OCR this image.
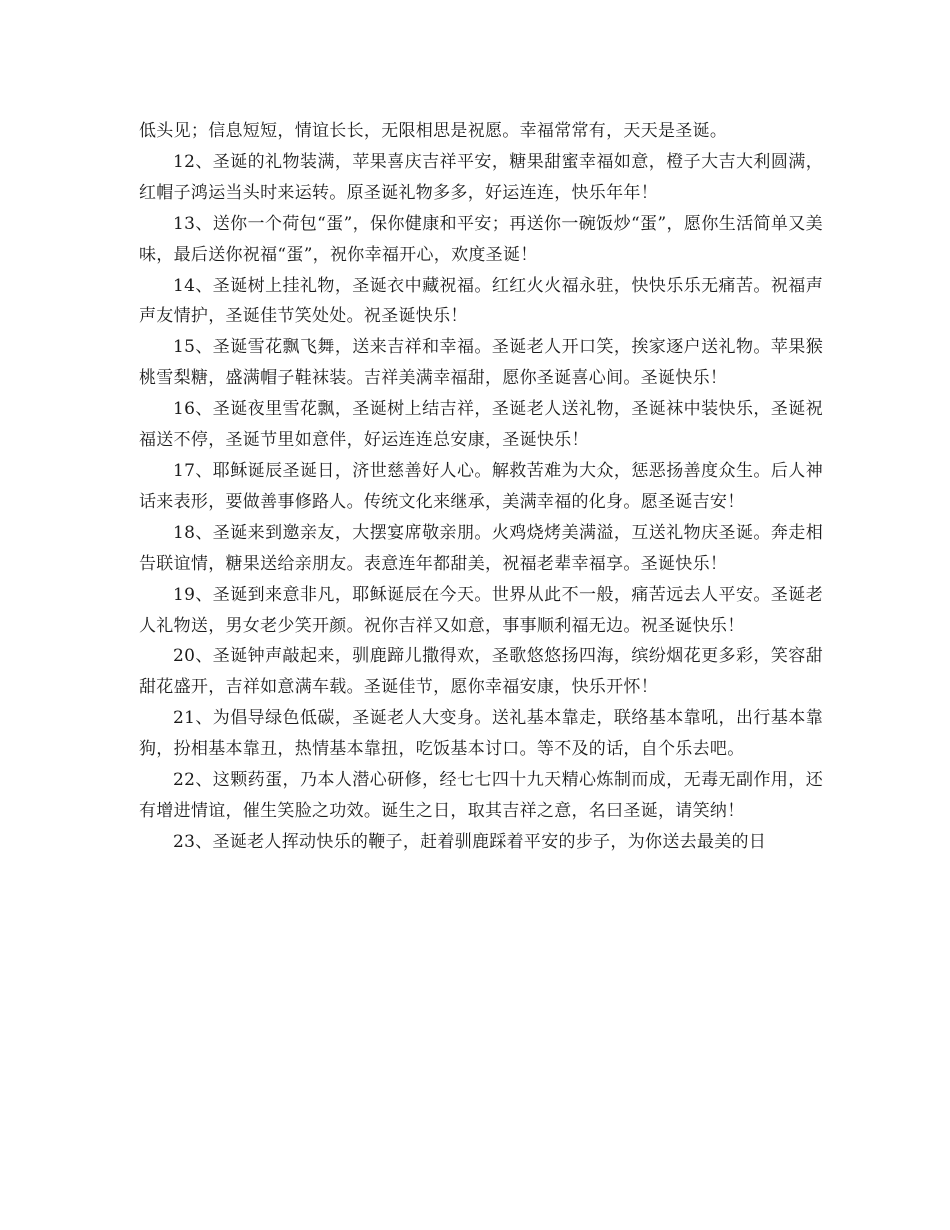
低头见；信息短短，情谊长长，无限相思是祝愿。幸福常常有，天天是圣诞。

12、圣诞的礼物装满，苹果喜庆吉祥平安，糖果甜蜜幸福如意，橙子大吉大利圆满，红帽子鸿运当头时来运转。原圣诞礼物多多，好运连连，快乐年年！

13、送你一个荷包“蛋”，保你健康和平安；再送你一碗饭炒“蛋”，愿你生活简单又美味，最后送你祝福“蛋”，祝你幸福开心，欢度圣诞！

14、圣诞树上挂礼物，圣诞衣中藏祝福。红红火火福永驻，快快乐乐无痛苦。祝福声声友情护，圣诞佳节笑处处。祝圣诞快乐！

15、圣诞雪花飘飞舞，送来吉祥和幸福。圣诞老人开口笑，挨家逐户送礼物。苹果猴桃雪梨糖，盛满帽子鞋袜装。吉祥美满幸福甜，愿你圣诞喜心间。圣诞快乐！

16、圣诞夜里雪花飘，圣诞树上结吉祥，圣诞老人送礼物，圣诞袜中装快乐，圣诞祝福送不停，圣诞节里如意伴，好运连连总安康，圣诞快乐！

17、耶稣诞辰圣诞日，济世慈善好人心。解救苦难为大众，惩恶扬善度众生。后人神话来表形，要做善事修路人。传统文化来继承，美满幸福的化身。愿圣诞吉安！

18、圣诞来到邀亲友，大摆宴席敬亲朋。火鸡烧烤美满溢，互送礼物庆圣诞。奔走相告联谊情，糖果送给亲朋友。表意连年都甜美，祝福老辈幸福享。圣诞快乐！

19、圣诞到来意非凡，耶稣诞辰在今天。世界从此不一般，痛苦远去人平安。圣诞老人礼物送，男女老少笑开颜。祝你吉祥又如意，事事顺利福无边。祝圣诞快乐！

20、圣诞钟声敲起来，驯鹿蹄儿撒得欢，圣歌悠悠扬四海，缤纷烟花更多彩，笑容甜甜花盛开，吉祥如意满车载。圣诞佳节，愿你幸福安康，快乐开怀！

21、为倡导绿色低碳，圣诞老人大变身。送礼基本靠走，联络基本靠吼，出行基本靠狗，扮相基本靠丑，热情基本靠扭，吃饭基本讨口。等不及的话，自个乐去吧。

22、这颗药蛋，乃本人潜心研修，经七七四十九天精心炼制而成，无毒无副作用，还有增进情谊，催生笑脸之功效。诞生之日，取其吉祥之意，名曰圣诞，请笑纳！

23、圣诞老人挥动快乐的鞭子，赶着驯鹿踩着平安的步子，为你送去最美的日
